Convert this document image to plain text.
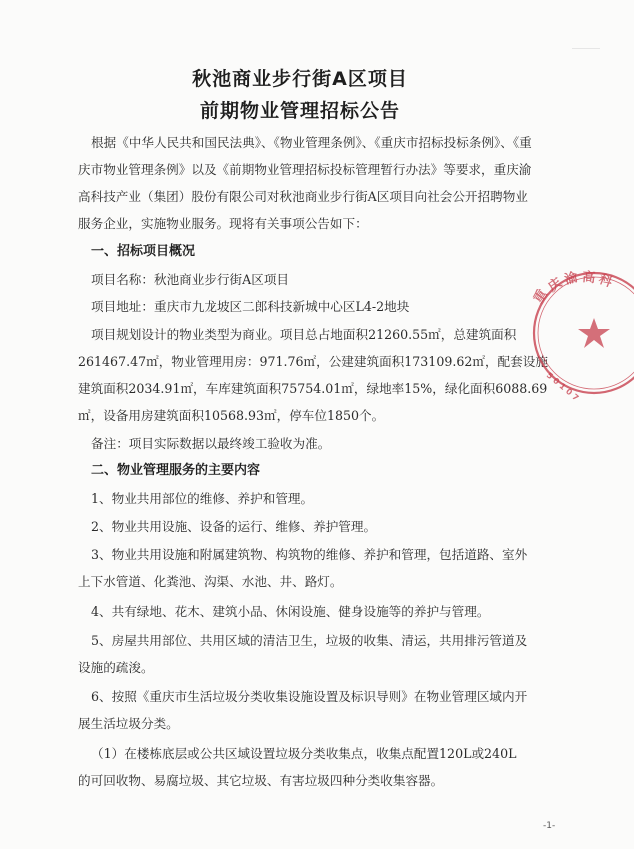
秋池商业步行街A区项目
前期物业管理招标公告
根据《中华人民共和国民法典》、《物业管理条例》、《重庆市招标投标条例》、《重
庆市物业管理条例》以及《前期物业管理招标投标管理暂行办法》等要求，重庆渝
高科技产业（集团）股份有限公司对秋池商业步行街A区项目向社会公开招聘物业
服务企业，实施物业服务。现将有关事项公告如下：
一、招标项目概况
项目名称：秋池商业步行街A区项目
项目地址：重庆市九龙坡区二郎科技新城中心区L4-2地块
项目规划设计的物业类型为商业。项目总占地面积21260.55㎡，总建筑面积
261467.47㎡，物业管理用房：971.76㎡，公建建筑面积173109.62㎡，配套设施
建筑面积2034.91㎡，车库建筑面积75754.01㎡，绿地率15%，绿化面积6088.69
㎡，设备用房建筑面积10568.93㎡，停车位1850个。
备注：项目实际数据以最终竣工验收为准。
二、物业管理服务的主要内容
1、物业共用部位的维修、养护和管理。
2、物业共用设施、设备的运行、维修、养护管理。
3、物业共用设施和附属建筑物、构筑物的维修、养护和管理，包括道路、室外
上下水管道、化粪池、沟渠、水池、井、路灯。
4、共有绿地、花木、建筑小品、休闲设施、健身设施等的养护与管理。
5、房屋共用部位、共用区域的清洁卫生，垃圾的收集、清运，共用排污管道及
设施的疏浚。
6、按照《重庆市生活垃圾分类收集设施设置及标识导则》在物业管理区域内开
展生活垃圾分类。
（1）在楼栋底层或公共区域设置垃圾分类收集点，收集点配置120L或240L
的可回收物、易腐垃圾、其它垃圾、有害垃圾四种分类收集容器。
-1-
重
庆
渝 高 科
5 0 1 0 7
